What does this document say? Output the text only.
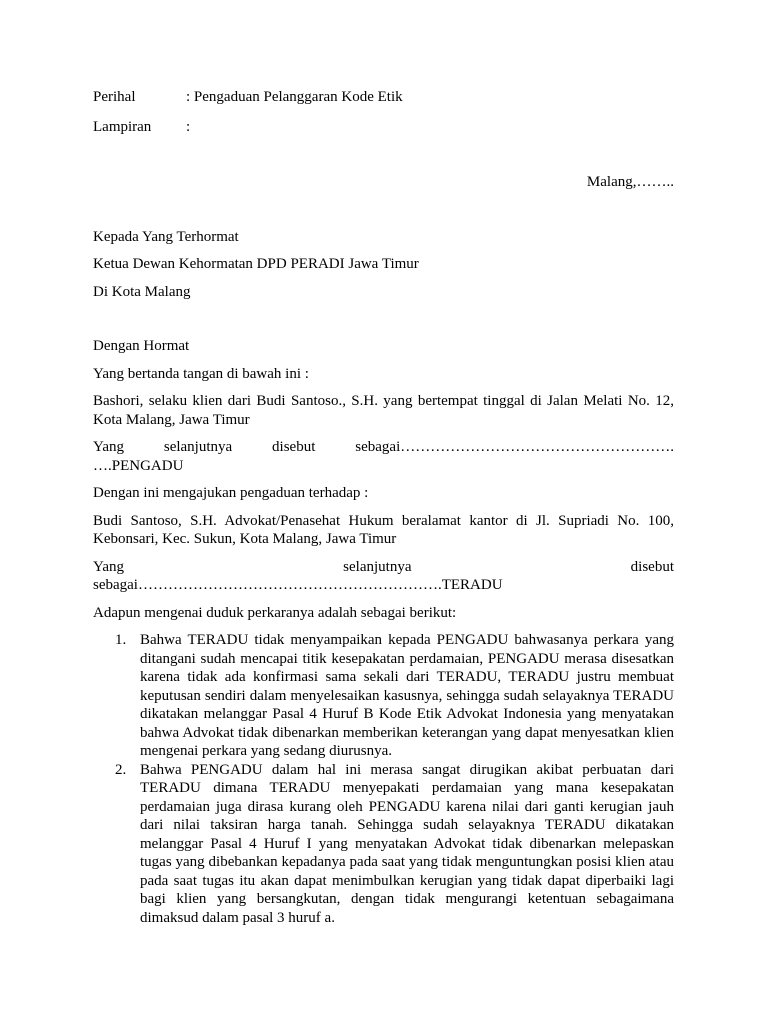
Perihal	: Pengaduan Pelanggaran Kode Etik
Lampiran	:

Malang,……..

Kepada Yang Terhormat

Ketua Dewan Kehormatan DPD PERADI Jawa Timur

Di Kota Malang

Dengan Hormat

Yang bertanda tangan di bawah ini :

Bashori, selaku klien dari Budi Santoso., S.H. yang bertempat tinggal di Jalan Melati No. 12, Kota Malang, Jawa Timur

Yang selanjutnya disebut sebagai……………………………………………….

….PENGADU

Dengan ini mengajukan pengaduan terhadap :

Budi Santoso, S.H. Advokat/Penasehat Hukum beralamat kantor di Jl. Supriadi No. 100, Kebonsari, Kec. Sukun, Kota Malang, Jawa Timur

Yang selanjutnya disebut

sebagai…………………………………………………….TERADU

Adapun mengenai duduk perkaranya adalah sebagai berikut:

1. Bahwa TERADU tidak menyampaikan kepada PENGADU bahwasanya perkara yang ditangani sudah mencapai titik kesepakatan perdamaian, PENGADU merasa disesatkan karena tidak ada konfirmasi sama sekali dari TERADU, TERADU justru membuat keputusan sendiri dalam menyelesaikan kasusnya, sehingga sudah selayaknya TERADU dikatakan melanggar Pasal 4 Huruf B Kode Etik Advokat Indonesia yang menyatakan bahwa Advokat tidak dibenarkan memberikan keterangan yang dapat menyesatkan klien mengenai perkara yang sedang diurusnya.
2. Bahwa PENGADU dalam hal ini merasa sangat dirugikan akibat perbuatan dari TERADU dimana TERADU menyepakati perdamaian yang mana kesepakatan perdamaian juga dirasa kurang oleh PENGADU karena nilai dari ganti kerugian jauh dari nilai taksiran harga tanah. Sehingga sudah selayaknya TERADU dikatakan melanggar Pasal 4 Huruf I yang menyatakan Advokat tidak dibenarkan melepaskan tugas yang dibebankan kepadanya pada saat yang tidak menguntungkan posisi klien atau pada saat tugas itu akan dapat menimbulkan kerugian yang tidak dapat diperbaiki lagi bagi klien yang bersangkutan, dengan tidak mengurangi ketentuan sebagaimana dimaksud dalam pasal 3 huruf a.
